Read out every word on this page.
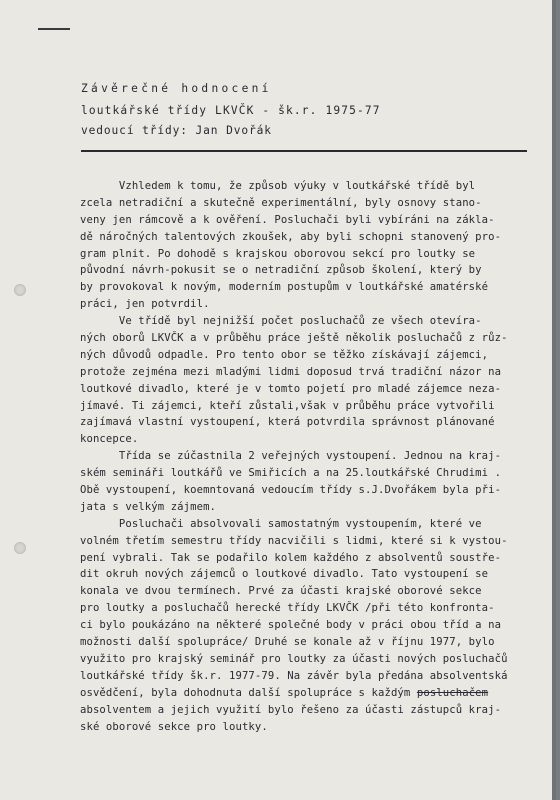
Závěrečné hodnocení
loutkářské třídy LKVČK - šk.r. 1975-77
vedoucí třídy: Jan Dvořák
Vzhledem k tomu, že způsob výuky v loutkářské třídě byl
zcela netradiční a skutečně experimentální, byly osnovy stano-
veny jen rámcově a k ověření. Posluchači byli vybíráni na zákla-
dě náročných talentových zkoušek, aby byli schopni stanovený pro-
gram plnit. Po dohodě s krajskou oborovou sekcí pro loutky se
původní návrh-pokusit se o netradiční způsob školení, který by
by provokoval k novým, moderním postupům v loutkářské amatérské
práci, jen potvrdil.
Ve třídě byl nejnižší počet posluchačů ze všech otevíra-
ných oborů LKVČK a v průběhu práce ještě několik posluchačů z růz-
ných důvodů odpadle. Pro tento obor se těžko získávají zájemci,
protože zejména mezi mladými lidmi doposud trvá tradiční názor na
loutkové divadlo, které je v tomto pojetí pro mladé zájemce neza-
jímavé. Ti zájemci, kteří zůstali,však v průběhu práce vytvořili
zajímavá vlastní vystoupení, která potvrdila správnost plánované
koncepce.
Třída se zúčastnila 2 veřejných vystoupení. Jednou na kraj-
ském semináři loutkářů ve Smiřicích a na 25.loutkářské Chrudimi .
Obě vystoupení, koemntovaná vedoucím třídy s.J.Dvořákem byla při-
jata s velkým zájmem.
Posluchači absolvovali samostatným vystoupením, které ve
volném třetím semestru třídy nacvičili s lidmi, které si k vystou-
pení vybrali. Tak se podařilo kolem každého z absolventů soustře-
dit okruh nových zájemců o loutkové divadlo. Tato vystoupení se
konala ve dvou termínech. Prvé za účasti krajské oborové sekce
pro loutky a posluchačů herecké třídy LKVČK /při této konfronta-
ci bylo poukázáno na některé společné body v práci obou tříd a na
možnosti další spolupráce/ Druhé se konale až v říjnu 1977, bylo
využito pro krajský seminář pro loutky za účasti nových posluchačů
loutkářské třídy šk.r. 1977-79. Na závěr byla předána absolventská
osvědčení, byla dohodnuta další spolupráce s každým posluchačem
absolventem a jejich využití bylo řešeno za účasti zástupců kraj-
ské oborové sekce pro loutky.
